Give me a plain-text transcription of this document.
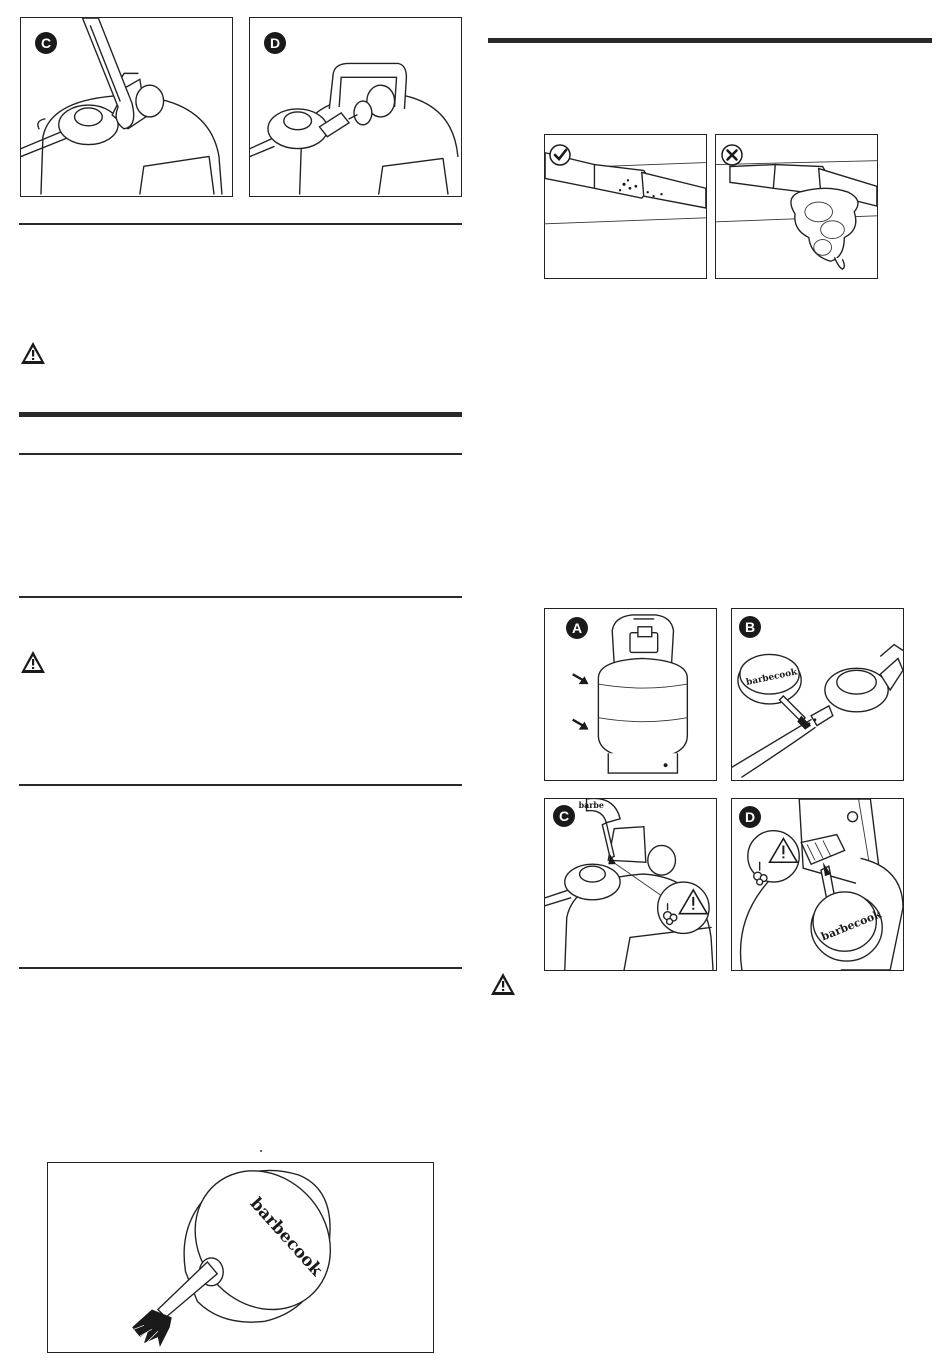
C	D
barbecook
A
barbecook
B
barbe
C
barbecook
D
